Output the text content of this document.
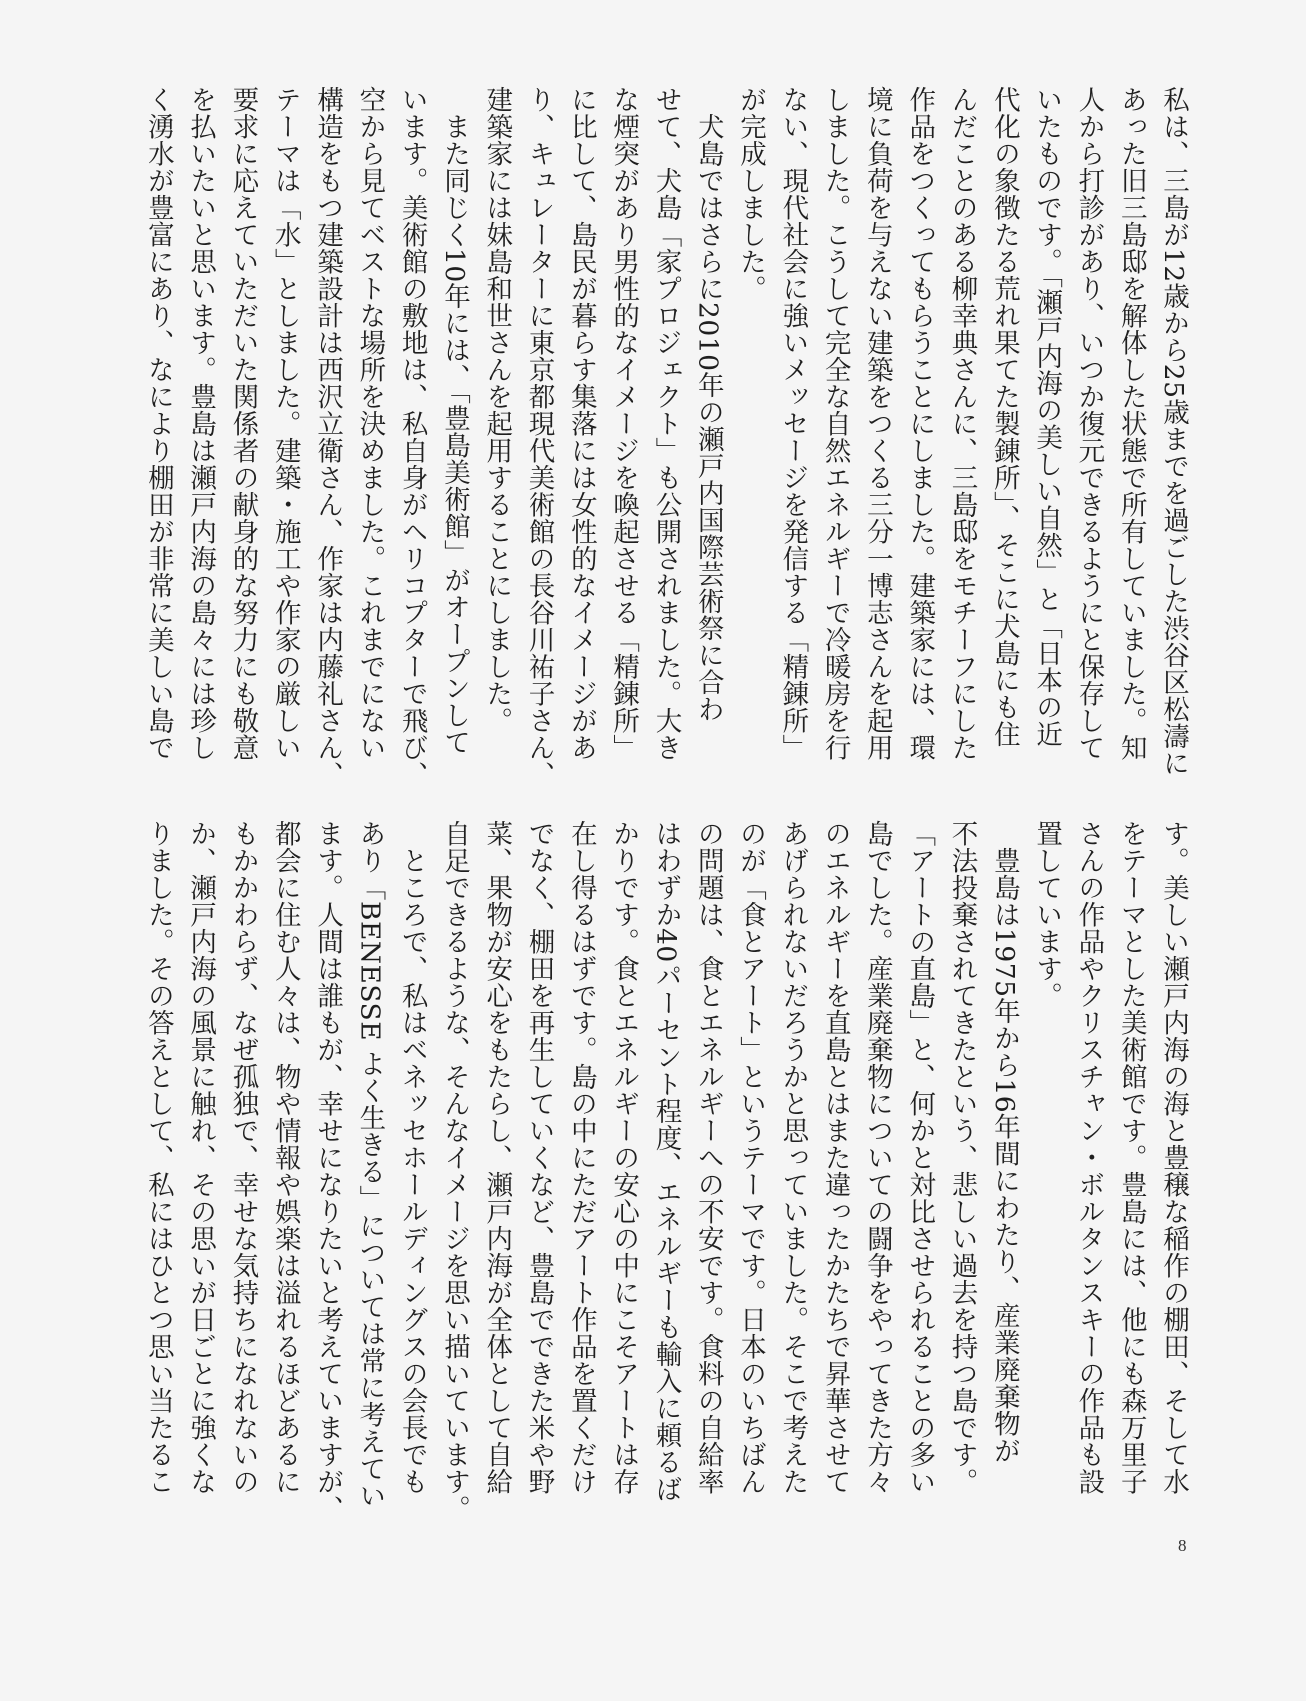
私は、三島が12歳から25歳までを過ごした渋谷区松濤に
あった旧三島邸を解体した状態で所有していました。知
人から打診があり、いつか復元できるようにと保存して
いたものです。「瀬戸内海の美しい自然」と「日本の近
代化の象徴たる荒れ果てた製錬所」、そこに犬島にも住
んだことのある柳幸典さんに、三島邸をモチーフにした
作品をつくってもらうことにしました。建築家には、環
境に負荷を与えない建築をつくる三分一博志さんを起用
しました。こうして完全な自然エネルギーで冷暖房を行
ない、現代社会に強いメッセージを発信する「精錬所」
が完成しました。
　犬島ではさらに2010年の瀬戸内国際芸術祭に合わ
せて、犬島「家プロジェクト」も公開されました。大き
な煙突があり男性的なイメージを喚起させる「精錬所」
に比して、島民が暮らす集落には女性的なイメージがあ
り、キュレーターに東京都現代美術館の長谷川祐子さん、
建築家には妹島和世さんを起用することにしました。
　また同じく10年には、「豊島美術館」がオープンして
います。美術館の敷地は、私自身がヘリコプターで飛び、
空から見てベストな場所を決めました。これまでにない
構造をもつ建築設計は西沢立衛さん、作家は内藤礼さん、
テーマは「水」としました。建築・施工や作家の厳しい
要求に応えていただいた関係者の献身的な努力にも敬意
を払いたいと思います。豊島は瀬戸内海の島々には珍し
く湧水が豊富にあり、なにより棚田が非常に美しい島で
す。美しい瀬戸内海の海と豊穣な稲作の棚田、そして水
をテーマとした美術館です。豊島には、他にも森万里子
さんの作品やクリスチャン・ボルタンスキーの作品も設
置しています。
　豊島は1975年から16年間にわたり、産業廃棄物が
不法投棄されてきたという、悲しい過去を持つ島です。
「アートの直島」と、何かと対比させられることの多い
島でした。産業廃棄物についての闘争をやってきた方々
のエネルギーを直島とはまた違ったかたちで昇華させて
あげられないだろうかと思っていました。そこで考えた
のが「食とアート」というテーマです。日本のいちばん
の問題は、食とエネルギーへの不安です。食料の自給率
はわずか40パーセント程度、エネルギーも輸入に頼るば
かりです。食とエネルギーの安心の中にこそアートは存
在し得るはずです。島の中にただアート作品を置くだけ
でなく、棚田を再生していくなど、豊島でできた米や野
菜、果物が安心をもたらし、瀬戸内海が全体として自給
自足できるような、そんなイメージを思い描いています。
　ところで、私はベネッセホールディングスの会長でも
あり「BENESSE よく生きる」については常に考えてい
ます。人間は誰もが、幸せになりたいと考えていますが、
都会に住む人々は、物や情報や娯楽は溢れるほどあるに
もかかわらず、なぜ孤独で、幸せな気持ちになれないの
か、瀬戸内海の風景に触れ、その思いが日ごとに強くな
りました。その答えとして、私にはひとつ思い当たるこ
8
